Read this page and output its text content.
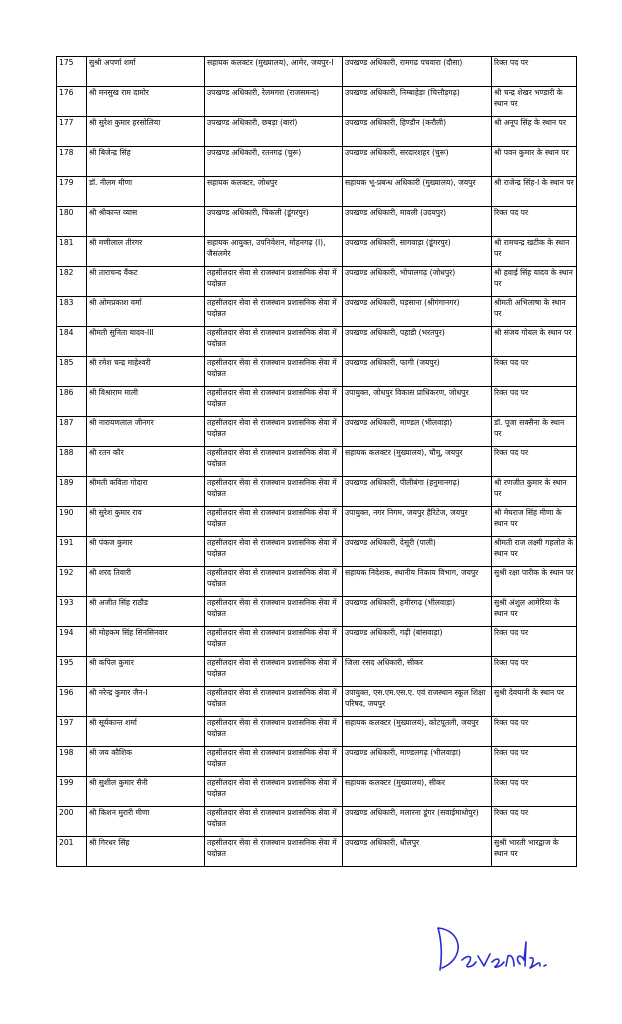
175	सुश्री अपर्णा शर्मा	सहायक कलक्टर (मुख्यालय), आमेर, जयपुर-I	उपखण्ड अधिकारी, रामगढ पचवारा (दौसा)	रिक्त पद पर
176	श्री मनसुख राम दामोर	उपखण्ड अधिकारी, रेलमगरा (राजसमन्द)	उपखण्ड अधिकारी, निम्बाहेड़ा (चित्तौड़गढ़)	श्री चन्द्र शेखर भण्डारी के स्थान पर
177	श्री सुरेश कुमार हरसोलिया	उपखण्ड अधिकारी, छबड़ा (बारां)	उपखण्ड अधिकारी, हिण्डौन (करौली)	श्री अनूप सिंह के स्थान पर
178	श्री बिजेन्द्र सिंह	उपखण्ड अधिकारी, रतनगढ़ (चुरू)	उपखण्ड अधिकारी, सरदारशहर (चुरू)	श्री पवन कुमार के स्थान पर
179	डॉ. नीलम मीणा	सहायक कलक्टर, जोधपुर	सहायक भू-प्रबन्ध अधिकारी (मुख्यालय), जयपुर	श्री राजेन्द्र सिंह-I के स्थान पर
180	श्री श्रीकान्त व्यास	उपखण्ड अधिकारी, चिकली (डूंगरपुर)	उपखण्ड अधिकारी, मावली (उदयपुर)	रिक्त पद पर
181	श्री मणीलाल तीरगर	सहायक आयुक्त, उपनिवेशन, मोहनगढ़ (I), जैसलमेर	उपखण्ड अधिकारी, सागवाड़ा (डूंगरपुर)	श्री रामचन्द्र खटीक के स्थान पर
182	श्री ताराचन्द वैंकट	तहसीलदार सेवा से राजस्थान प्रशासनिक सेवा में पदोन्नत	उपखण्ड अधिकारी, भोपालगढ़ (जोधपुर)	श्री हवाई सिंह यादव के स्थान पर
183	श्री ओमप्रकाश वर्मा	तहसीलदार सेवा से राजस्थान प्रशासनिक सेवा में पदोन्नत	उपखण्ड अधिकारी, घड़साना (श्रीगंगानगर)	श्रीमती अभिलाषा के स्थान पर
184	श्रीमती सुनिता यादव-III	तहसीलदार सेवा से राजस्थान प्रशासनिक सेवा में पदोन्नत	उपखण्ड अधिकारी, पहाडी (भरतपुर)	श्री संजय गोयल के स्थान पर
185	श्री रमेश चन्द्र माहेश्वरी	तहसीलदार सेवा से राजस्थान प्रशासनिक सेवा में पदोन्नत	उपखण्ड अधिकारी, फागी (जयपुर)	रिक्त पद पर
186	श्री विश्राराम माली	तहसीलदार सेवा से राजस्थान प्रशासनिक सेवा में पदोन्नत	उपायुक्त, जोधपुर विकास प्राधिकरण, जोधपुर	रिक्त पद पर
187	श्री नारायणलाल जीनगर	तहसीलदार सेवा से राजस्थान प्रशासनिक सेवा में पदोन्नत	उपखण्ड अधिकारी, माण्डल (भीलवाड़ा)	डॉ. पूजा सक्सैना के स्थान पर
188	श्री रतन कौर	तहसीलदार सेवा से राजस्थान प्रशासनिक सेवा में पदोन्नत	सहायक कलक्टर (मुख्यालय), चौमू, जयपुर	रिक्त पद पर
189	श्रीमती कविता गोदारा	तहसीलदार सेवा से राजस्थान प्रशासनिक सेवा में पदोन्नत	उपखण्ड अधिकारी, पीलीबंगा (हनुमानगढ़)	श्री रणजीत कुमार के स्थान पर
190	श्री सुरेश कुमार राव	तहसीलदार सेवा से राजस्थान प्रशासनिक सेवा में पदोन्नत	उपायुक्त, नगर निगम, जयपुर हैरिटेज, जयपुर	श्री मेघराज सिंह मीणा के स्थान पर
191	श्री पंकज कुमार	तहसीलदार सेवा से राजस्थान प्रशासनिक सेवा में पदोन्नत	उपखण्ड अधिकारी, देसूरी (पाली)	श्रीमती राज लक्ष्मी गहलोत के स्थान पर
192	श्री शरद तिवारी	तहसीलदार सेवा से राजस्थान प्रशासनिक सेवा में पदोन्नत	सहायक निदेशक, स्थानीय निकाय विभाग, जयपुर	सुश्री रक्षा पारीक के स्थान पर
193	श्री अजीत सिंह राठौड	तहसीलदार सेवा से राजस्थान प्रशासनिक सेवा में पदोन्नत	उपखण्ड अधिकारी, हमीरगढ़ (भीलवाड़ा)	सुश्री अंशुल आमेरिया के स्थान पर
194	श्री मोहकम सिंह सिनसिनवार	तहसीलदार सेवा से राजस्थान प्रशासनिक सेवा में पदोन्नत	उपखण्ड अधिकारी, गढ़ी (बांसवाड़ा)	रिक्त पद पर
195	श्री कपिल कुमार	तहसीलदार सेवा से राजस्थान प्रशासनिक सेवा में पदोन्नत	जिला रसद अधिकारी, सीकर	रिक्त पद पर
196	श्री नरेन्द्र कुमार जैन-I	तहसीलदार सेवा से राजस्थान प्रशासनिक सेवा में पदोन्नत	उपायुक्त, एस.एम.एस.ए. एवं राजस्थान स्कूल शिक्षा परिषद, जयपुर	सुश्री देवयानी के स्थान पर
197	श्री सूर्यकान्त शर्मा	तहसीलदार सेवा से राजस्थान प्रशासनिक सेवा में पदोन्नत	सहायक कलक्टर (मुख्यालय), कोटपूतली, जयपुर	रिक्त पद पर
198	श्री जय कौशिक	तहसीलदार सेवा से राजस्थान प्रशासनिक सेवा में पदोन्नत	उपखण्ड अधिकारी, माण्डलगढ़ (भीलवाड़ा)	रिक्त पद पर
199	श्री सुशील कुमार सैनी	तहसीलदार सेवा से राजस्थान प्रशासनिक सेवा में पदोन्नत	सहायक कलक्टर (मुख्यालय), सीकर	रिक्त पद पर
200	श्री किशन मुरारी मीणा	तहसीलदार सेवा से राजस्थान प्रशासनिक सेवा में पदोन्नत	उपखण्ड अधिकारी, मलारना डूंगर (सवाईमाधोपुर)	रिक्त पद पर
201	श्री गिरधर सिंह	तहसीलदार सेवा से राजस्थान प्रशासनिक सेवा में पदोन्नत	उपखण्ड अधिकारी, धौलपुर	सुश्री भारती भारद्वाज के स्थान पर
